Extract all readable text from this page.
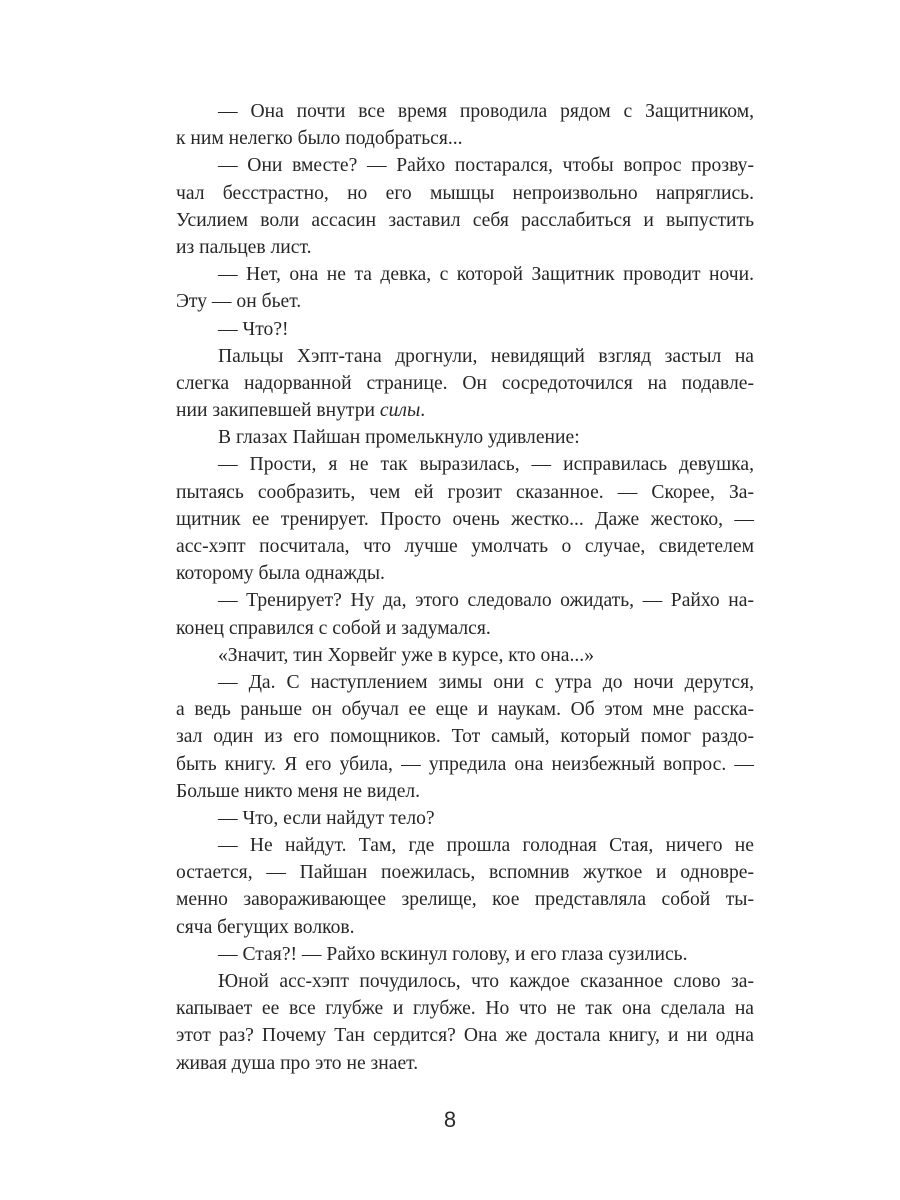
— Она почти все время проводила рядом с Защитником,
к ним нелегко было подобраться...
— Они вместе? — Райхо постарался, чтобы вопрос прозву-
чал бесстрастно, но его мышцы непроизвольно напряглись.
Усилием воли ассасин заставил себя расслабиться и выпустить
из пальцев лист.
— Нет, она не та девка, с которой Защитник проводит ночи.
Эту — он бьет.
— Что?!
Пальцы Хэпт-тана дрогнули, невидящий взгляд застыл на
слегка надорванной странице. Он сосредоточился на подавле-
нии закипевшей внутри силы.
В глазах Пайшан промелькнуло удивление:
— Прости, я не так выразилась, — исправилась девушка,
пытаясь сообразить, чем ей грозит сказанное. — Скорее, За-
щитник ее тренирует. Просто очень жестко... Даже жестоко, —
асс-хэпт посчитала, что лучше умолчать о случае, свидетелем
которому была однажды.
— Тренирует? Ну да, этого следовало ожидать, — Райхо на-
конец справился с собой и задумался.
«Значит, тин Хорвейг уже в курсе, кто она...»
— Да. С наступлением зимы они с утра до ночи дерутся,
а ведь раньше он обучал ее еще и наукам. Об этом мне расска-
зал один из его помощников. Тот самый, который помог раздо-
быть книгу. Я его убила, — упредила она неизбежный вопрос. —
Больше никто меня не видел.
— Что, если найдут тело?
— Не найдут. Там, где прошла голодная Стая, ничего не
остается, — Пайшан поежилась, вспомнив жуткое и одновре-
менно завораживающее зрелище, кое представляла собой ты-
сяча бегущих волков.
— Стая?! — Райхо вскинул голову, и его глаза сузились.
Юной асс-хэпт почудилось, что каждое сказанное слово за-
капывает ее все глубже и глубже. Но что не так она сделала на
этот раз? Почему Тан сердится? Она же достала книгу, и ни одна
живая душа про это не знает.
8
